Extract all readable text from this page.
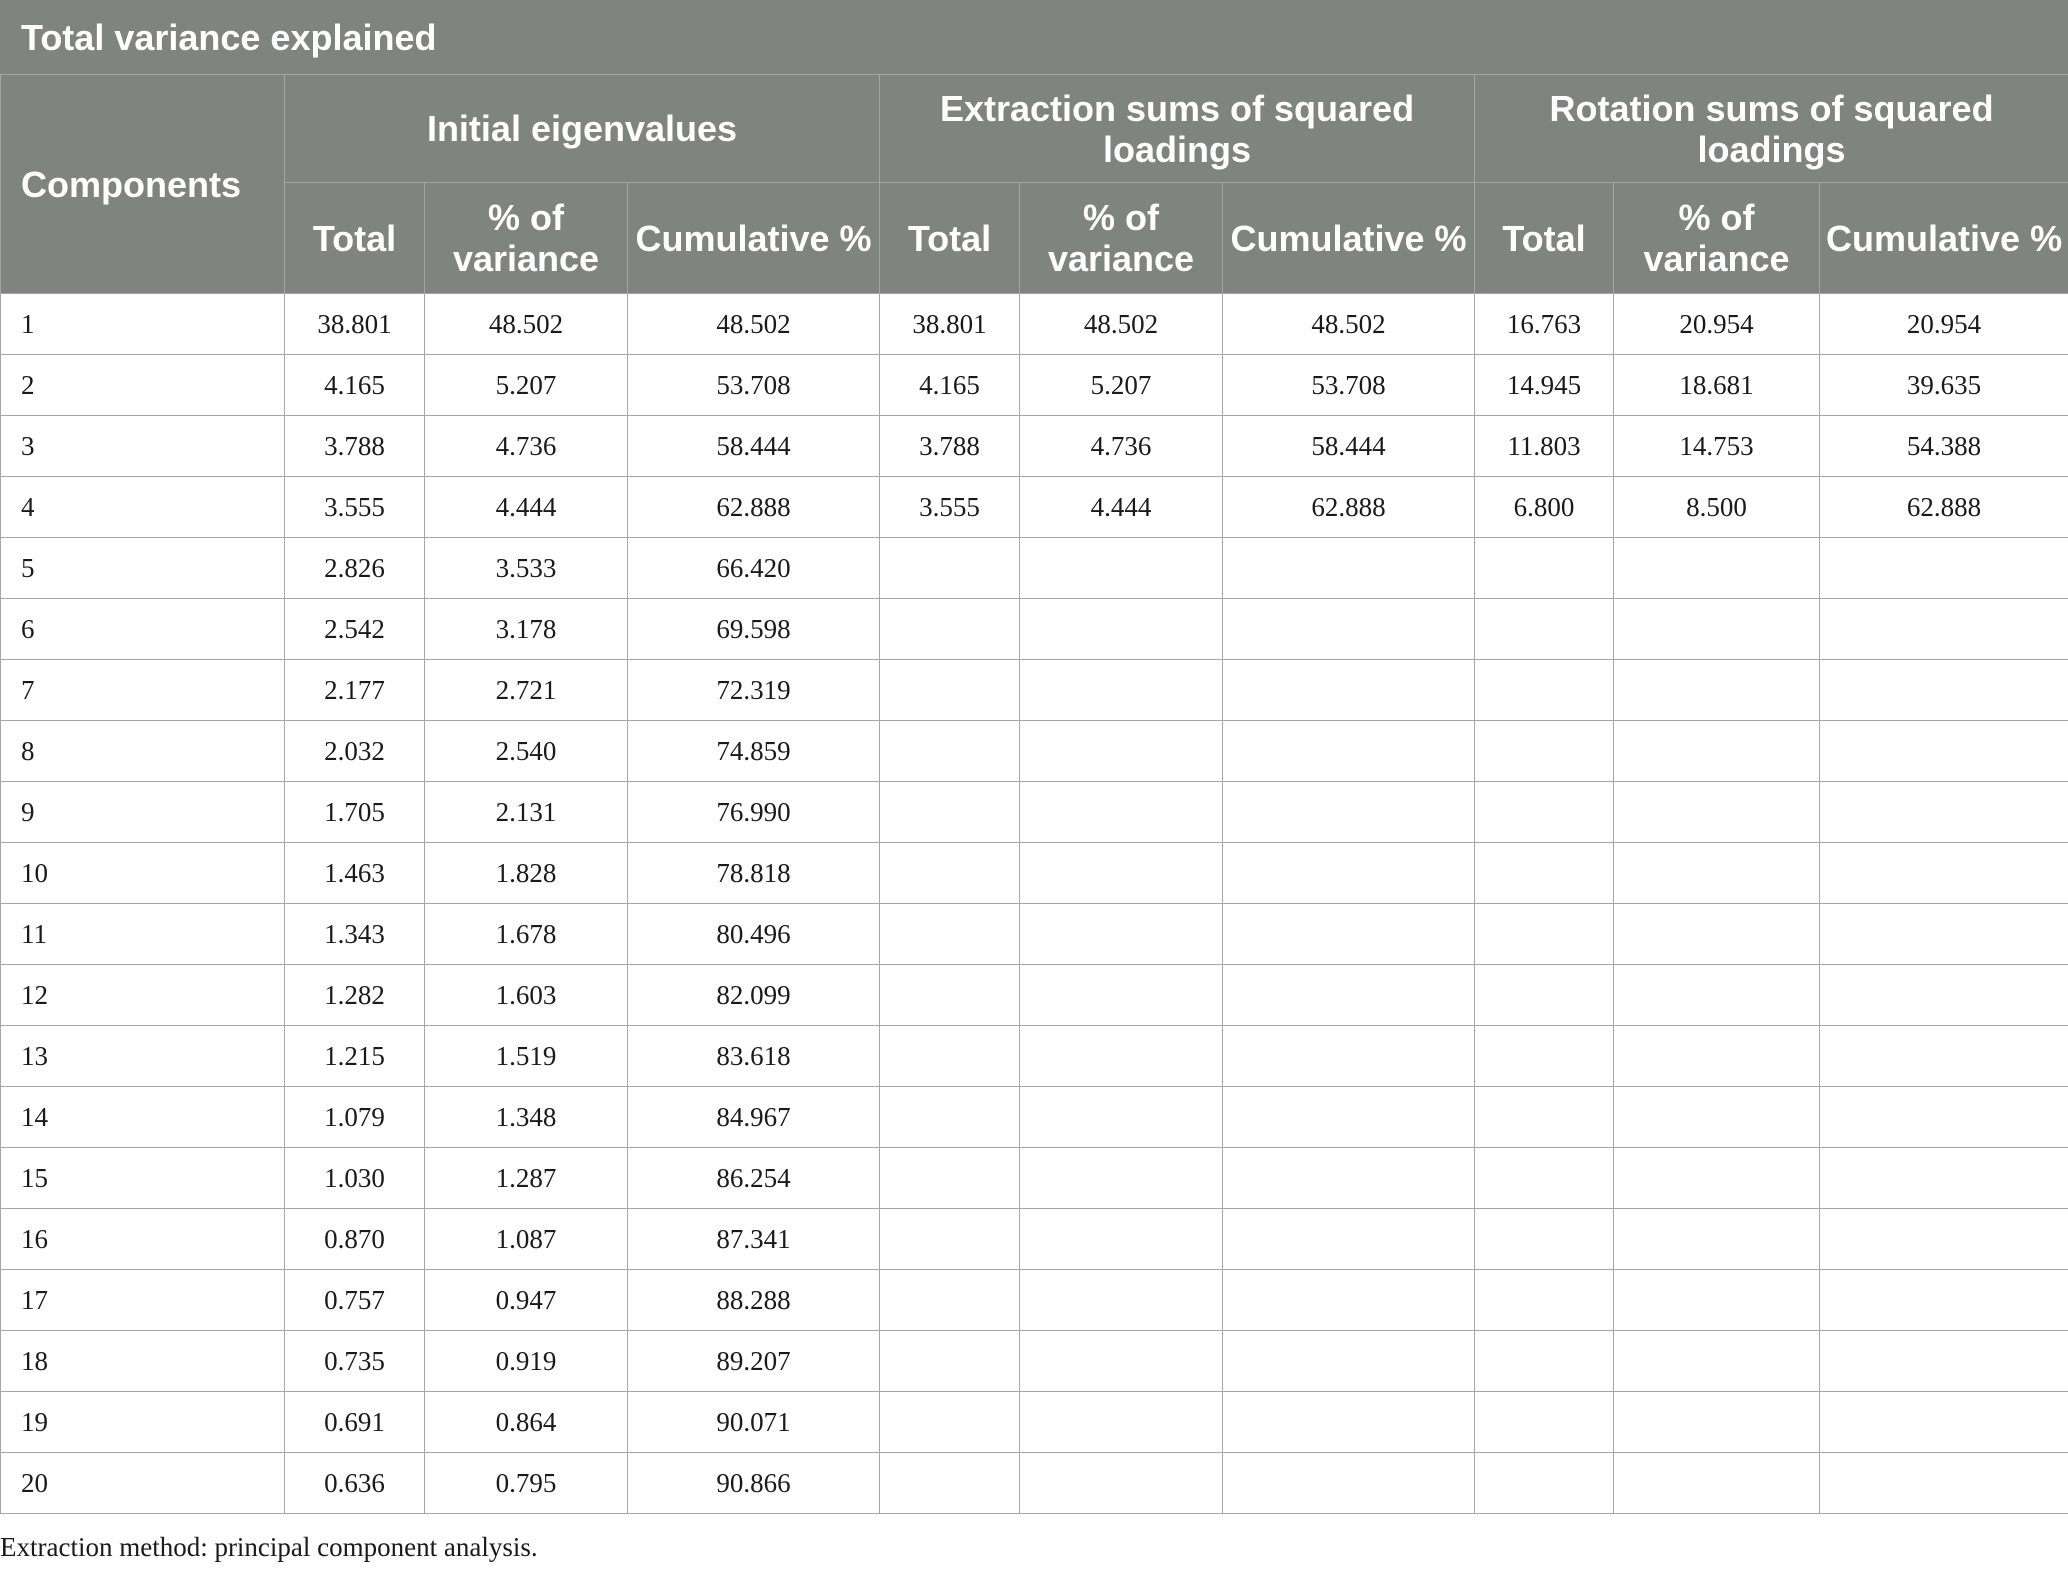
Total variance explained									
Components	Initial eigenvalues			Extraction sums of squared loadings			Rotation sums of squared loadings		
	Total	% of variance	Cumulative %	Total	% of variance	Cumulative %	Total	% of variance	Cumulative %
1	38.801	48.502	48.502	38.801	48.502	48.502	16.763	20.954	20.954
2	4.165	5.207	53.708	4.165	5.207	53.708	14.945	18.681	39.635
3	3.788	4.736	58.444	3.788	4.736	58.444	11.803	14.753	54.388
4	3.555	4.444	62.888	3.555	4.444	62.888	6.800	8.500	62.888
5	2.826	3.533	66.420						
6	2.542	3.178	69.598						
7	2.177	2.721	72.319						
8	2.032	2.540	74.859						
9	1.705	2.131	76.990						
10	1.463	1.828	78.818						
11	1.343	1.678	80.496						
12	1.282	1.603	82.099						
13	1.215	1.519	83.618						
14	1.079	1.348	84.967						
15	1.030	1.287	86.254						
16	0.870	1.087	87.341						
17	0.757	0.947	88.288						
18	0.735	0.919	89.207						
19	0.691	0.864	90.071						
20	0.636	0.795	90.866						

Extraction method: principal component analysis.
